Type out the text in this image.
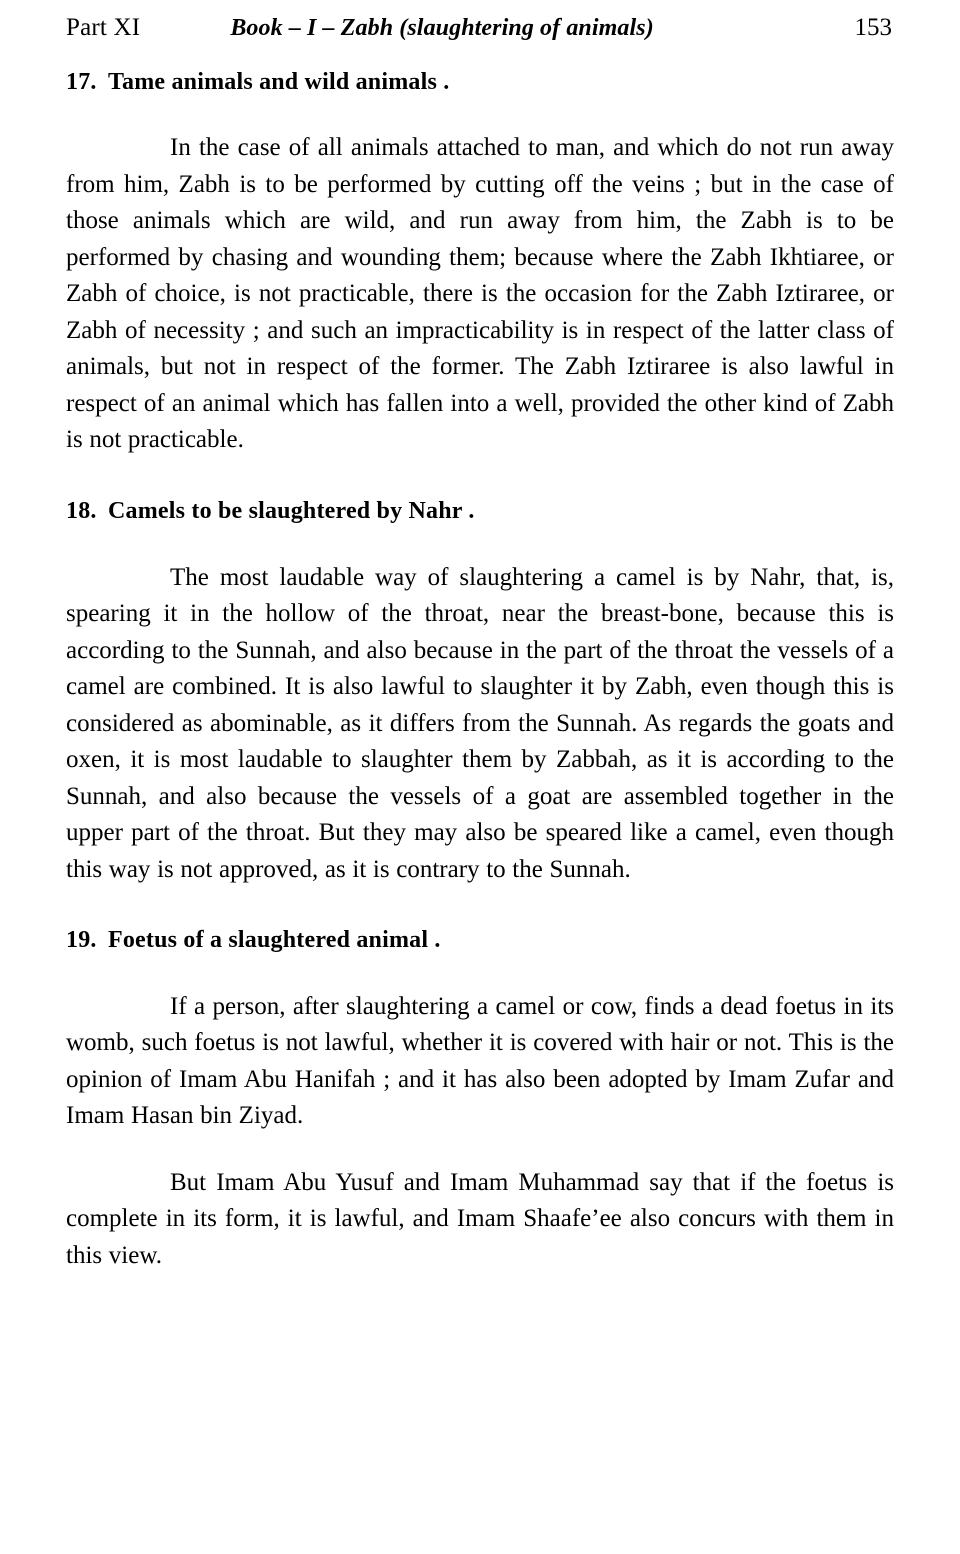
Part XI	Book – I – Zabh (slaughtering of animals)	153
17. Tame animals and wild animals .

In the case of all animals attached to man, and which do not run away from him, Zabh is to be performed by cutting off the veins ; but in the case of those animals which are wild, and run away from him, the Zabh is to be performed by chasing and wounding them; because where the Zabh Ikhtiaree, or Zabh of choice, is not practicable, there is the occasion for the Zabh Iztiraree, or Zabh of necessity ; and such an impracticability is in respect of the latter class of animals, but not in respect of the former. The Zabh Iztiraree is also lawful in respect of an animal which has fallen into a well, provided the other kind of Zabh is not practicable.

18. Camels to be slaughtered by Nahr .

The most laudable way of slaughtering a camel is by Nahr, that, is, spearing it in the hollow of the throat, near the breast-bone, because this is according to the Sunnah, and also because in the part of the throat the vessels of a camel are combined. It is also lawful to slaughter it by Zabh, even though this is considered as abominable, as it differs from the Sunnah. As regards the goats and oxen, it is most laudable to slaughter them by Zabbah, as it is according to the Sunnah, and also because the vessels of a goat are assembled together in the upper part of the throat. But they may also be speared like a camel, even though this way is not approved, as it is contrary to the Sunnah.

19. Foetus of a slaughtered animal .

If a person, after slaughtering a camel or cow, finds a dead foetus in its womb, such foetus is not lawful, whether it is covered with hair or not. This is the opinion of Imam Abu Hanifah ; and it has also been adopted by Imam Zufar and Imam Hasan bin Ziyad.

But Imam Abu Yusuf and Imam Muhammad say that if the foetus is complete in its form, it is lawful, and Imam Shaafe’ee also concurs with them in this view.
